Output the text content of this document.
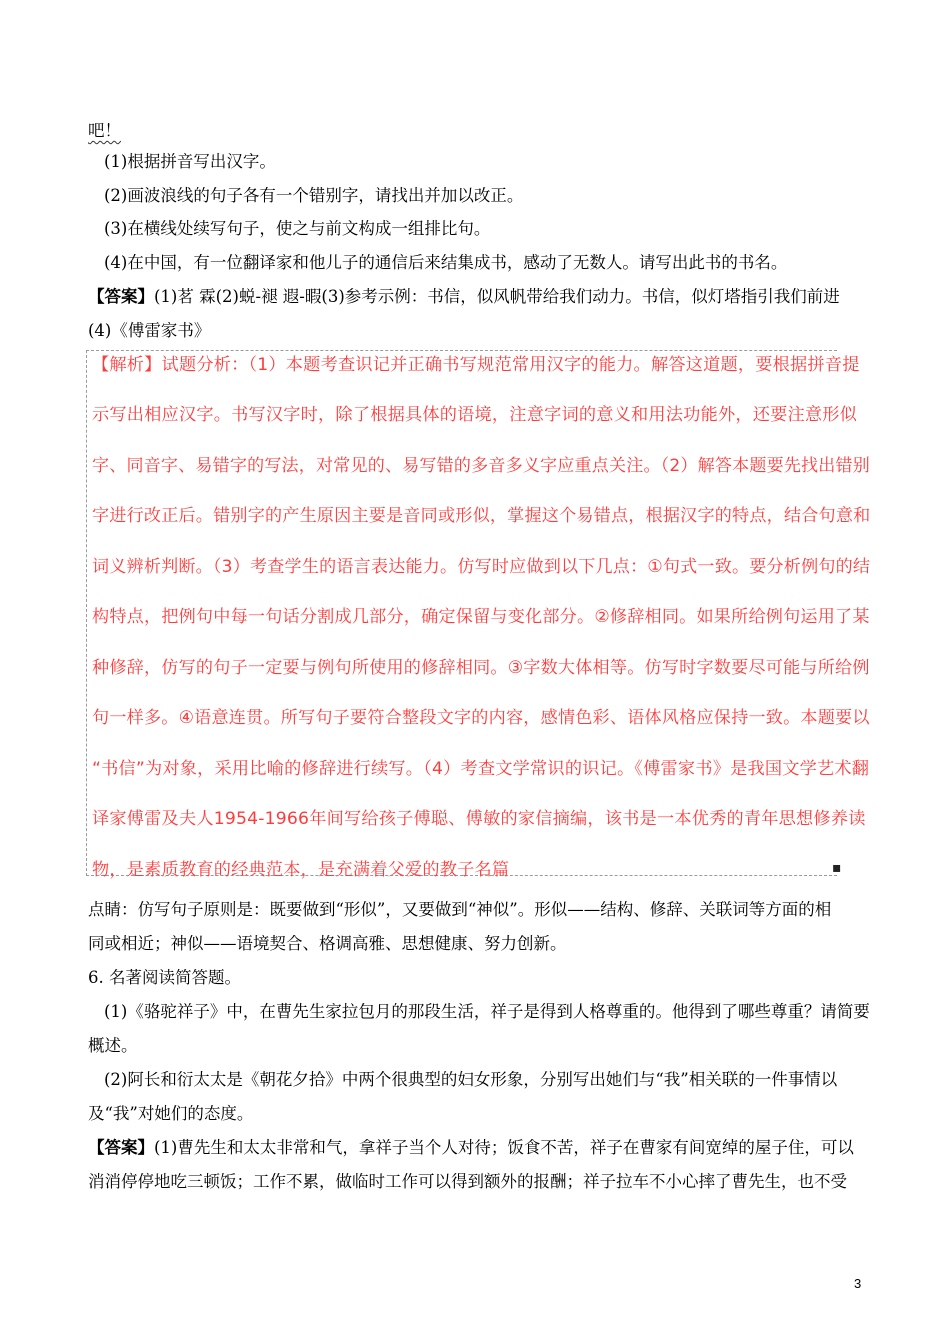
吧！
(1)根据拼音写出汉字。
(2)画波浪线的句子各有一个错别字，请找出并加以改正。
(3)在横线处续写句子，使之与前文构成一组排比句。
(4)在中国，有一位翻译家和他儿子的通信后来结集成书，感动了无数人。请写出此书的书名。
【答案】(1)茗 霖(2)蜕-褪 遐-暇(3)参考示例：书信，似风帆带给我们动力。书信，似灯塔指引我们前进
(4)《傅雷家书》
【解析】试题分析：（1）本题考查识记并正确书写规范常用汉字的能力。解答这道题，要根据拼音提
示写出相应汉字。书写汉字时，除了根据具体的语境，注意字词的意义和用法功能外，还要注意形似
字、同音字、易错字的写法，对常见的、易写错的多音多义字应重点关注。（2）解答本题要先找出错别
字进行改正后。错别字的产生原因主要是音同或形似，掌握这个易错点，根据汉字的特点，结合句意和
词义辨析判断。（3）考查学生的语言表达能力。仿写时应做到以下几点：①句式一致。要分析例句的结
构特点，把例句中每一句话分割成几部分，确定保留与变化部分。②修辞相同。如果所给例句运用了某
种修辞，仿写的句子一定要与例句所使用的修辞相同。③字数大体相等。仿写时字数要尽可能与所给例
句一样多。④语意连贯。所写句子要符合整段文字的内容，感情色彩、语体风格应保持一致。本题要以
“书信”为对象，采用比喻的修辞进行续写。（4）考查文学常识的识记。《傅雷家书》是我国文学艺术翻
译家傅雷及夫人1954-1966年间写给孩子傅聪、傅敏的家信摘编，该书是一本优秀的青年思想修养读
物，是素质教育的经典范本，是充满着父爱的教子名篇	▪
点睛：仿写句子原则是：既要做到“形似”，又要做到“神似”。形似——结构、修辞、关联词等方面的相
同或相近；神似——语境契合、格调高雅、思想健康、努力创新。
6. 名著阅读简答题。
(1)《骆驼祥子》中，在曹先生家拉包月的那段生活，祥子是得到人格尊重的。他得到了哪些尊重？请简要
概述。
(2)阿长和衍太太是《朝花夕拾》中两个很典型的妇女形象，分别写出她们与“我”相关联的一件事情以
及“我”对她们的态度。
【答案】(1)曹先生和太太非常和气，拿祥子当个人对待；饭食不苦，祥子在曹家有间宽绰的屋子住，可以
消消停停地吃三顿饭；工作不累，做临时工作可以得到额外的报酬；祥子拉车不小心摔了曹先生，也不受
3
